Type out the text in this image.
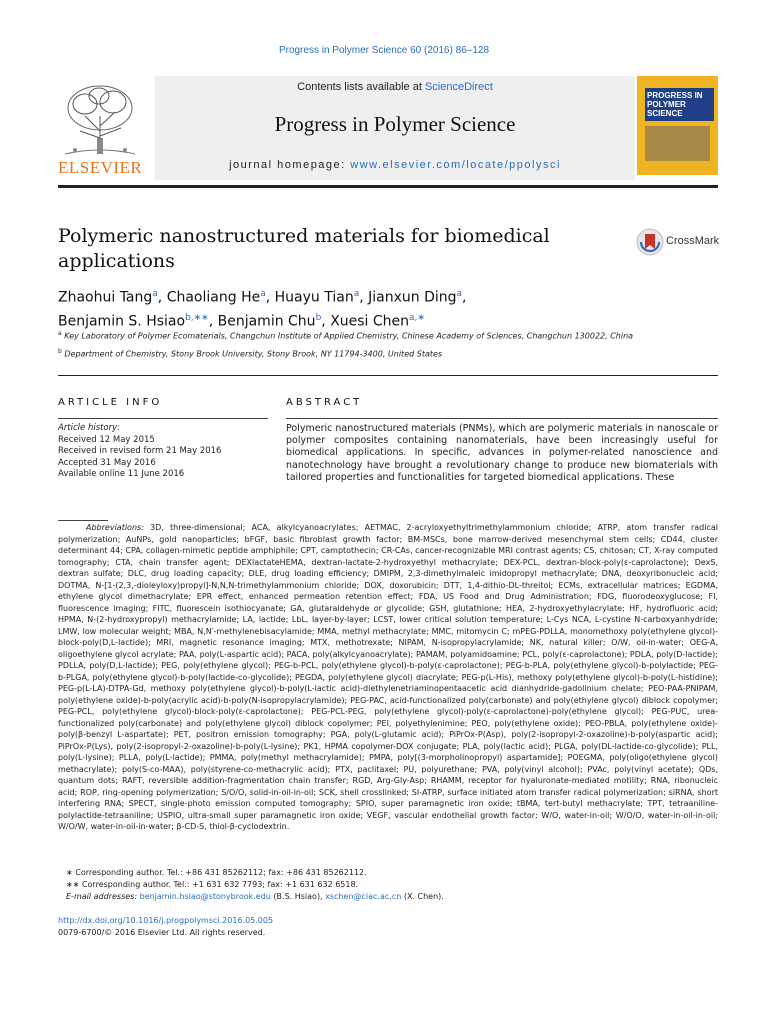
Progress in Polymer Science 60 (2016) 86–128
ELSEVIER
Contents lists available at ScienceDirect
Progress in Polymer Science
journal homepage: www.elsevier.com/locate/ppolysci
PROGRESS IN POLYMER SCIENCE
Polymeric nanostructured materials for biomedical applications
CrossMark
Zhaohui Tang$^a$, Chaoliang He$^a$, Huayu Tian$^a$, Jianxun Ding$^a$,
Benjamin S. Hsiao$^{b,∗∗}$, Benjamin Chu$^b$, Xuesi Chen$^{a,∗}$
$^a$ Key Laboratory of Polymer Ecomaterials, Changchun Institute of Applied Chemistry, Chinese Academy of Sciences, Changchun 130022, China
$^b$ Department of Chemistry, Stony Brook University, Stony Brook, NY 11794-3400, United States
ARTICLE INFO	ABSTRACT
Article history:
Received 12 May 2015
Received in revised form 21 May 2016
Accepted 31 May 2016
Available online 11 June 2016
Polymeric nanostructured materials (PNMs), which are polymeric materials in nanoscale or polymer composites containing nanomaterials, have been increasingly useful for biomedical applications. In specific, advances in polymer-related nanoscience and nanotechnology have brought a revolutionary change to produce new biomaterials with tailored properties and functionalities for targeted biomedical applications. These
Abbreviations: 3D, three-dimensional; ACA, alkylcyanoacrylates; AETMAC, 2-acryloxyethyltrimethylammonium chloride; ATRP, atom transfer radical polymerization; AuNPs, gold nanoparticles; bFGF, basic fibroblast growth factor; BM-MSCs, bone marrow-derived mesenchymal stem cells; CD44, cluster determinant 44; CPA, collagen-mimetic peptide amphiphile; CPT, camptothecin; CR-CAs, cancer-recognizable MRI contrast agents; CS, chitosan; CT, X-ray computed tomography; CTA, chain transfer agent; DEXlactateHEMA, dextran-lactate-2-hydroxyethyl methacrylate; DEX-PCL, dextran-block-poly(ε-caprolactone); DexS, dextran sulfate; DLC, drug loading capacity; DLE, drug loading efficiency; DMIPM, 2,3-dimethylmaleic imidopropyl methacrylate; DNA, deoxyribonucleic acid; DOTMA, N-[1-(2,3,-dioleyloxy)propyl]-N,N,N-trimethylammonium chloride; DOX, doxorubicin; DTT, 1,4-dithio-DL-threitol; ECMs, extracellular matrices; EGDMA, ethylene glycol dimethacrylate; EPR effect, enhanced permeation retention effect; FDA, US Food and Drug Administration; FDG, fluorodeoxyglucose; FI, fluorescence imaging; FITC, fluorescein isothiocyanate; GA, glutaraldehyde or glycolide; GSH, glutathione; HEA, 2-hydroxyethylacrylate; HF, hydrofluoric acid; HPMA, N-(2-hydroxypropyl) methacrylamide; LA, lactide; LbL, layer-by-layer; LCST, lower critical solution temperature; L-Cys NCA, L-cystine N-carboxyanhydride; LMW, low molecular weight; MBA, N,N′-methylenebisacylamide; MMA, methyl methacrylate; MMC, mitomycin C; mPEG-PDLLA, monomethoxy poly(ethylene glycol)-block-poly(D,L-lactide); MRI, magnetic resonance imaging; MTX, methotrexate; NIPAM, N-isopropylacrylamide; NK, natural killer; O/W, oil-in-water; OEG-A, oligoethylene glycol acrylate; PAA, poly(L-aspartic acid); PACA, poly(alkylcyanoacrylate); PAMAM, polyamidoamine; PCL, poly(ε-caprolactone); PDLA, poly(D-lactide); PDLLA, poly(D,L-lactide); PEG, poly(ethylene glycol); PEG-b-PCL, poly(ethylene glycol)-b-poly(ε-caprolactone); PEG-b-PLA, poly(ethylene glycol)-b-polylactide; PEG-b-PLGA, poly(ethylene glycol)-b-poly(lactide-co-glycolide); PEGDA, poly(ethylene glycol) diacrylate; PEG-p(L-His), methoxy poly(ethylene glycol)-b-poly(L-histidine); PEG-p(L-LA)-DTPA-Gd, methoxy poly(ethylene glycol)-b-poly(L-lactic acid)-diethylenetriaminopentaacetic acid dianhydride-gadolinium chelate; PEO-PAA-PNIPAM, poly(ethylene oxide)-b-poly(acrylic acid)-b-poly(N-isopropylacrylamide); PEG-PAC, acid-functionalized poly(carbonate) and poly(ethylene glycol) diblock copolymer; PEG-PCL, poly(ethylene glycol)-block-poly(ε-caprolactone); PEG-PCL-PEG, poly(ethylene glycol)-poly(ε-caprolactone)-poly(ethylene glycol); PEG-PUC, urea-functionalized poly(carbonate) and poly(ethylene glycol) diblock copolymer; PEI, polyethylenimine; PEO, poly(ethylene oxide); PEO-PBLA, poly(ethylene oxide)-poly(β-benzyl L-aspartate); PET, positron emission tomography; PGA, poly(L-glutamic acid); PiPrOx-P(Asp), poly(2-isopropyl-2-oxazoline)-b-poly(aspartic acid); PiPrOx-P(Lys), poly(2-isopropyl-2-oxazoline)-b-poly(L-lysine); PK1, HPMA copolymer-DOX conjugate; PLA, poly(lactic acid); PLGA, poly(DL-lactide-co-glycolide); PLL, poly(L-lysine); PLLA, poly(L-lactide); PMMA, poly(methyl methacrylamide); PMPA, poly[(3-morpholinopropyl) aspartamide]; POEGMA, poly(oligo(ethylene glycol) methacrylate); poly(S-co-MAA), poly(styrene-co-methacrylic acid); PTX, paclitaxel; PU, polyurethane; PVA, poly(vinyl alcohol); PVAc, poly(vinyl acetate); QDs, quantum dots; RAFT, reversible addition-fragmentation chain transfer; RGD, Arg-Gly-Asp; RHAMM, receptor for hyaluronate-mediated motility; RNA, ribonucleic acid; ROP, ring-opening polymerization; S/O/O, solid-in-oil-in-oil; SCK, shell crosslinked; SI-ATRP, surface initiated atom transfer radical polymerization; siRNA, short interfering RNA; SPECT, single-photo emission computed tomography; SPIO, super paramagnetic iron oxide; tBMA, tert-butyl methacrylate; TPT, tetraaniline-polylactide-tetraaniline; USPIO, ultra-small super paramagnetic iron oxide; VEGF, vascular endothelial growth factor; W/O, water-in-oil; W/O/O, water-in-oil-in-oil; W/O/W, water-in-oil-in-water; β-CD-S, thiol-β-cyclodextrin.
∗ Corresponding author. Tel.: +86 431 85262112; fax: +86 431 85262112.
∗∗ Corresponding author. Tel.: +1 631 632 7793; fax: +1 631 632 6518.
E-mail addresses: benjamin.hsiao@stonybrook.edu (B.S. Hsiao), xschen@ciac.ac.cn (X. Chen).
http://dx.doi.org/10.1016/j.progpolymsci.2016.05.005
0079-6700/© 2016 Elsevier Ltd. All rights reserved.
